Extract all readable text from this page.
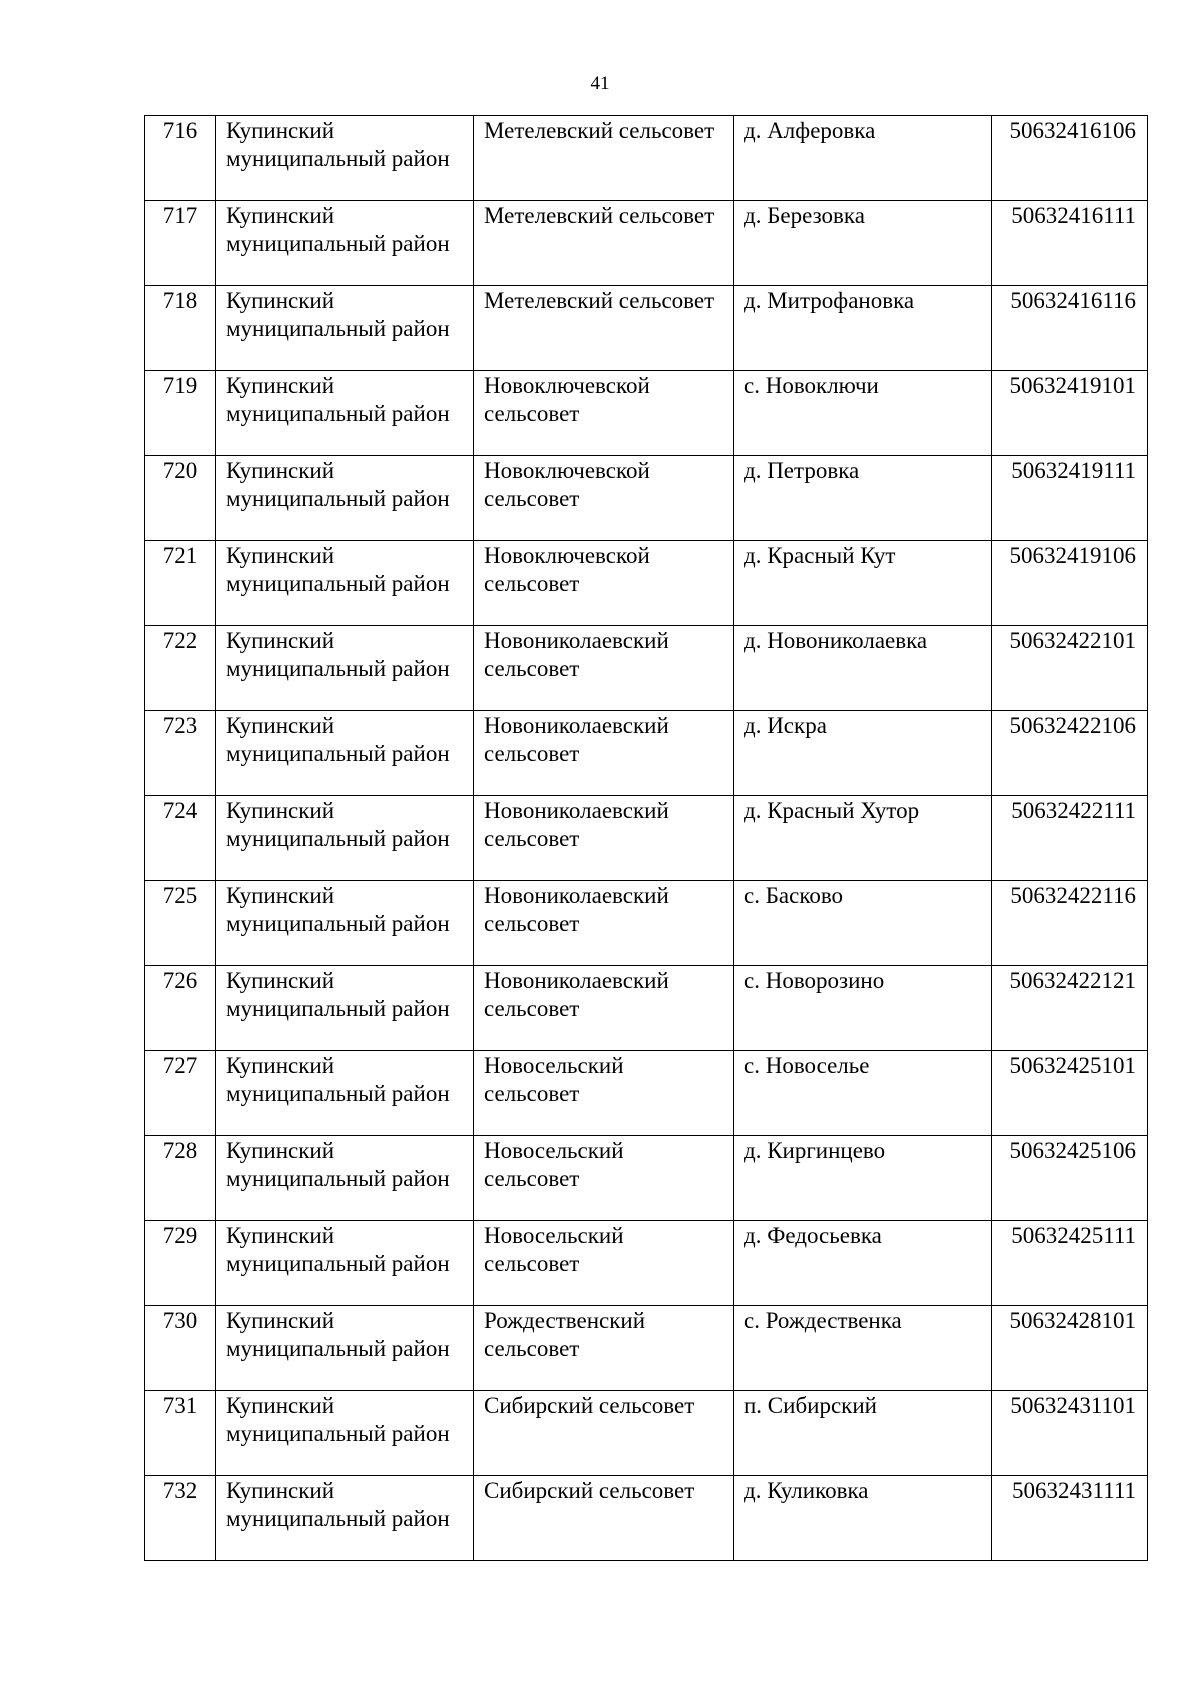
41
716	Купинский муниципальный район	Метелевский сельсовет	д. Алферовка	50632416106

717	Купинский муниципальный район	Метелевский сельсовет	д. Березовка	50632416111

718	Купинский муниципальный район	Метелевский сельсовет	д. Митрофановка	50632416116

719	Купинский муниципальный район	Новоключевской сельсовет	с. Новоключи	50632419101

720	Купинский муниципальный район	Новоключевской сельсовет	д. Петровка	50632419111

721	Купинский муниципальный район	Новоключевской сельсовет	д. Красный Кут	50632419106

722	Купинский муниципальный район	Новониколаевский сельсовет	д. Новониколаевка	50632422101

723	Купинский муниципальный район	Новониколаевский сельсовет	д. Искра	50632422106

724	Купинский муниципальный район	Новониколаевский сельсовет	д. Красный Хутор	50632422111

725	Купинский муниципальный район	Новониколаевский сельсовет	с. Басково	50632422116

726	Купинский муниципальный район	Новониколаевский сельсовет	с. Новорозино	50632422121

727	Купинский муниципальный район	Новосельский сельсовет	с. Новоселье	50632425101

728	Купинский муниципальный район	Новосельский сельсовет	д. Киргинцево	50632425106

729	Купинский муниципальный район	Новосельский сельсовет	д. Федосьевка	50632425111

730	Купинский муниципальный район	Рождественский сельсовет	с. Рождественка	50632428101

731	Купинский муниципальный район	Сибирский сельсовет	п. Сибирский	50632431101

732	Купинский муниципальный район	Сибирский сельсовет	д. Куликовка	50632431111
